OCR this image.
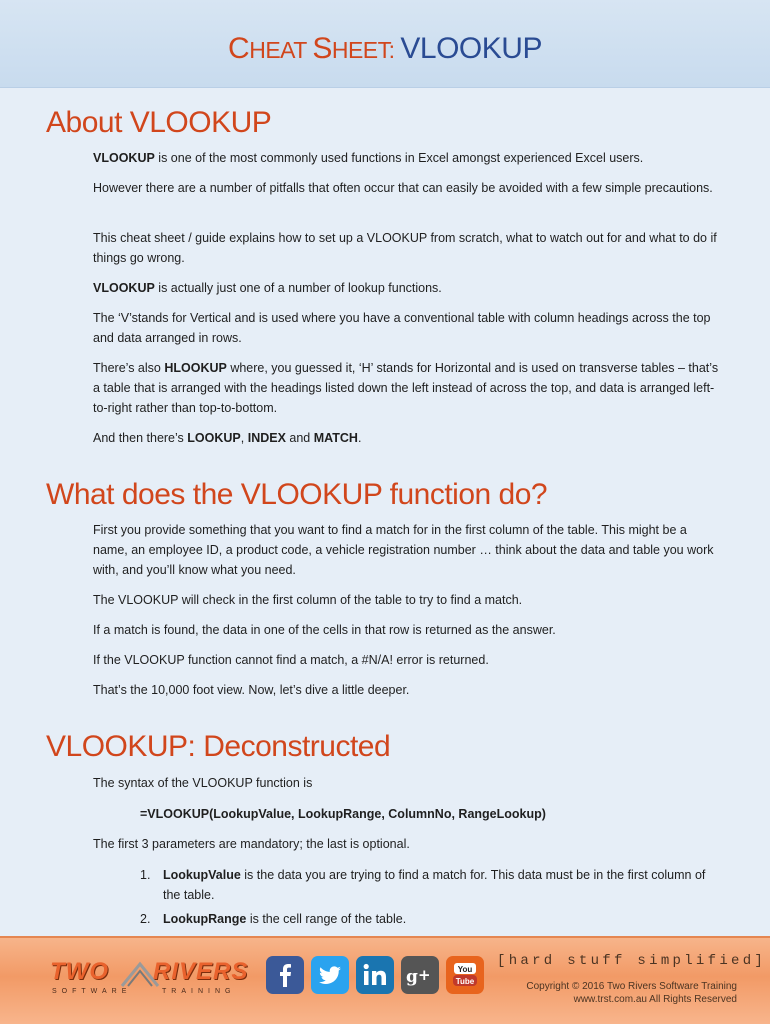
CHEAT SHEET: VLOOKUP
About VLOOKUP

VLOOKUP is one of the most commonly used functions in Excel amongst experienced Excel users.

However there are a number of pitfalls that often occur that can easily be avoided with a few simple precautions.

This cheat sheet / guide explains how to set up a VLOOKUP from scratch, what to watch out for and what to do if things go wrong.

VLOOKUP is actually just one of a number of lookup functions.

The ‘V’stands for Vertical and is used where you have a conventional table with column headings across the top and data arranged in rows.

There’s also HLOOKUP where, you guessed it, ‘H’ stands for Horizontal and is used on transverse tables – that’s a table that is arranged with the headings listed down the left instead of across the top, and data is arranged left-to-right rather than top-to-bottom.

And then there’s LOOKUP, INDEX and MATCH.

What does the VLOOKUP function do?

First you provide something that you want to find a match for in the first column of the table. This might be a name, an employee ID, a product code, a vehicle registration number … think about the data and table you work with, and you’ll know what you need.

The VLOOKUP will check in the first column of the table to try to find a match.

If a match is found, the data in one of the cells in that row is returned as the answer.

If the VLOOKUP function cannot find a match, a #N/A! error is returned.

That’s the 10,000 foot view. Now, let’s dive a little deeper.

VLOOKUP: Deconstructed

The syntax of the VLOOKUP function is

=VLOOKUP(LookupValue, LookupRange, ColumnNo, RangeLookup)

The first 3 parameters are mandatory; the last is optional.

1. LookupValue is the data you are trying to find a match for. This data must be in the first column of the table.
2. LookupRange is the cell range of the table.
TWO RIVERS
SOFTWARE	TRAINING
g +	You
Tube
[hard stuff simplified]
Copyright © 2016 Two Rivers Software Training
www.trst.com.au All Rights Reserved
